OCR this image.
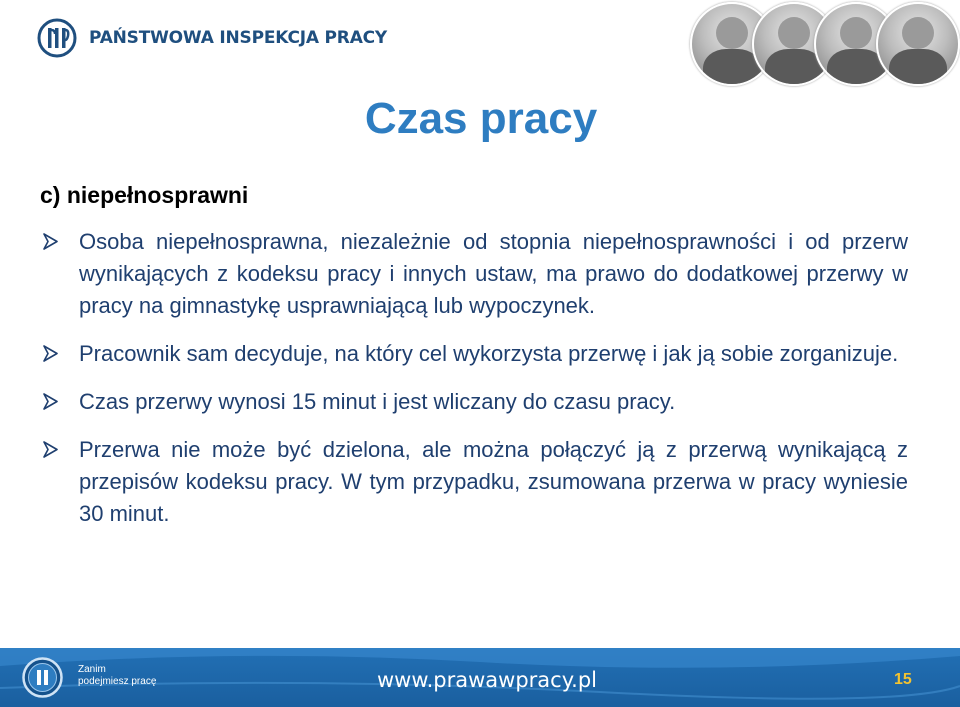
PAŃSTWOWA INSPEKCJA PRACY
Czas pracy
c) niepełnosprawni
Osoba niepełnosprawna, niezależnie od stopnia niepełnosprawności i od przerw wynikających z kodeksu pracy i innych ustaw, ma prawo do dodatkowej przerwy w pracy na gimnastykę usprawniającą lub wypoczynek.
Pracownik sam decyduje, na który cel wykorzysta przerwę i jak ją sobie zorganizuje.
Czas przerwy wynosi 15 minut i jest wliczany do czasu pracy.
Przerwa nie może być dzielona, ale można połączyć ją z przerwą wynikającą z przepisów kodeksu pracy. W tym przypadku, zsumowana przerwa w pracy wyniesie 30 minut.
Zanim
podejmiesz pracę	www.prawawpracy.pl	15
